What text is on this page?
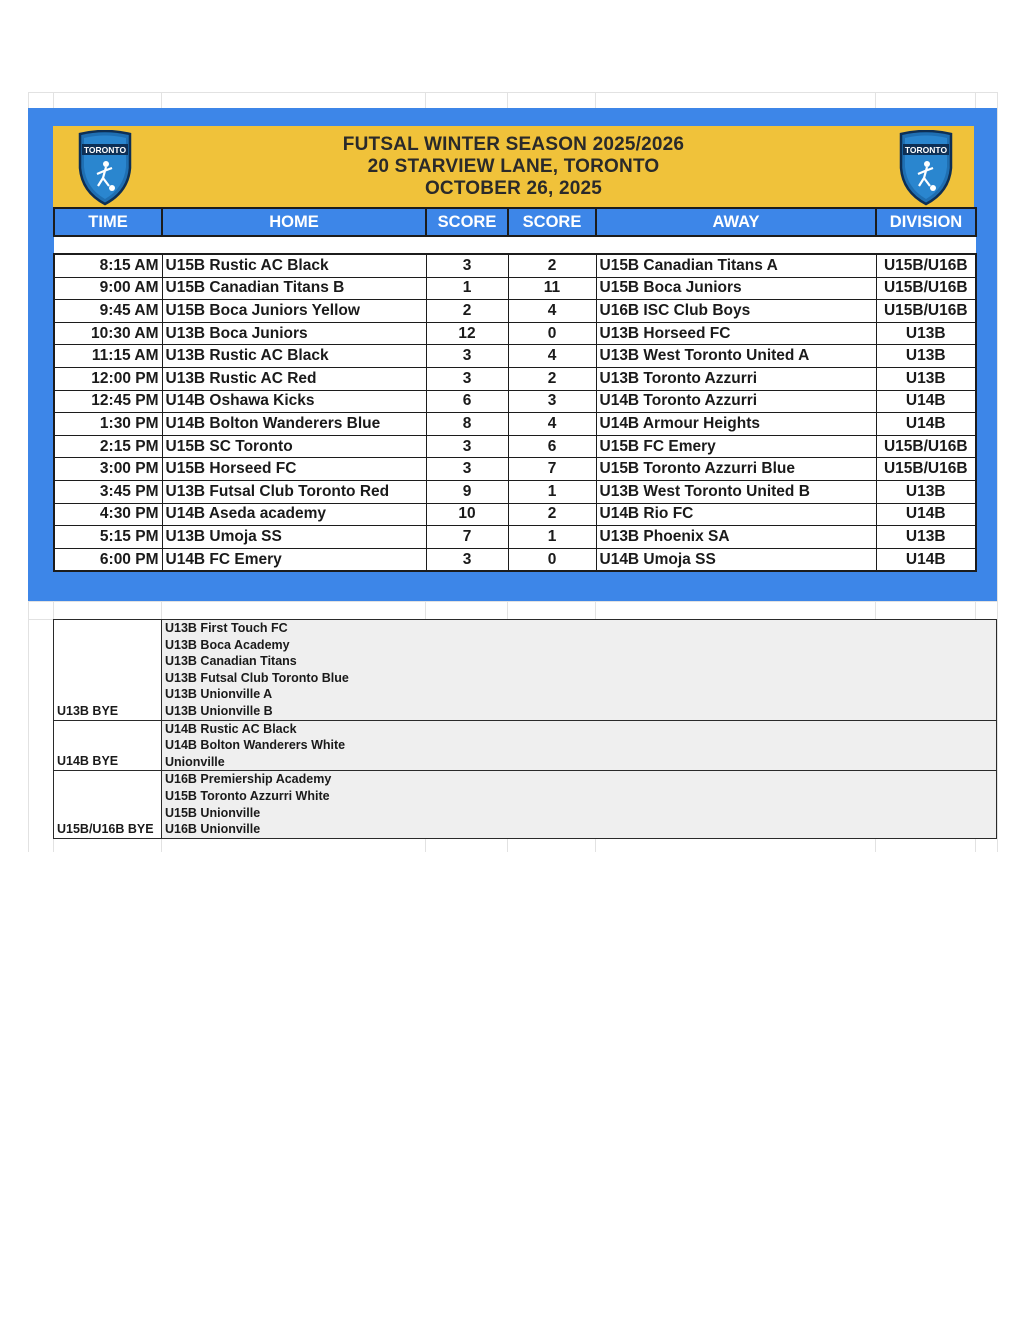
FUTSAL WINTER SEASON 2025/2026
20 STARVIEW LANE, TORONTO
OCTOBER 26, 2025
TORONTO	TORONTO
TIME	HOME	SCORE	SCORE	AWAY	DIVISION

8:15 AM	U15B Rustic AC Black	3	2	U15B Canadian Titans A	U15B/U16B
9:00 AM	U15B Canadian Titans B	1	11	U15B Boca Juniors	U15B/U16B
9:45 AM	U15B Boca Juniors Yellow	2	4	U16B ISC Club Boys	U15B/U16B
10:30 AM	U13B Boca Juniors	12	0	U13B Horseed FC	U13B
11:15 AM	U13B Rustic AC Black	3	4	U13B West Toronto United A	U13B
12:00 PM	U13B Rustic AC Red	3	2	U13B Toronto Azzurri	U13B
12:45 PM	U14B Oshawa Kicks	6	3	U14B Toronto Azzurri	U14B
1:30 PM	U14B Bolton Wanderers Blue	8	4	U14B Armour Heights	U14B
2:15 PM	U15B SC Toronto	3	6	U15B FC Emery	U15B/U16B
3:00 PM	U15B Horseed FC	3	7	U15B Toronto Azzurri Blue	U15B/U16B
3:45 PM	U13B Futsal Club Toronto Red	9	1	U13B West Toronto United B	U13B
4:30 PM	U14B Aseda academy	10	2	U14B Rio FC	U14B
5:15 PM	U13B Umoja SS	7	1	U13B Phoenix SA	U13B
6:00 PM	U14B FC Emery	3	0	U14B Umoja SS	U14B
U13B BYE
U13B First Touch FC
U13B Boca Academy
U13B Canadian Titans
U13B Futsal Club Toronto Blue
U13B Unionville A
U13B Unionville B
U14B BYE
U14B Rustic AC Black
U14B Bolton Wanderers White
Unionville
U15B/U16B BYE
U16B Premiership Academy
U15B Toronto Azzurri White
U15B Unionville
U16B Unionville
